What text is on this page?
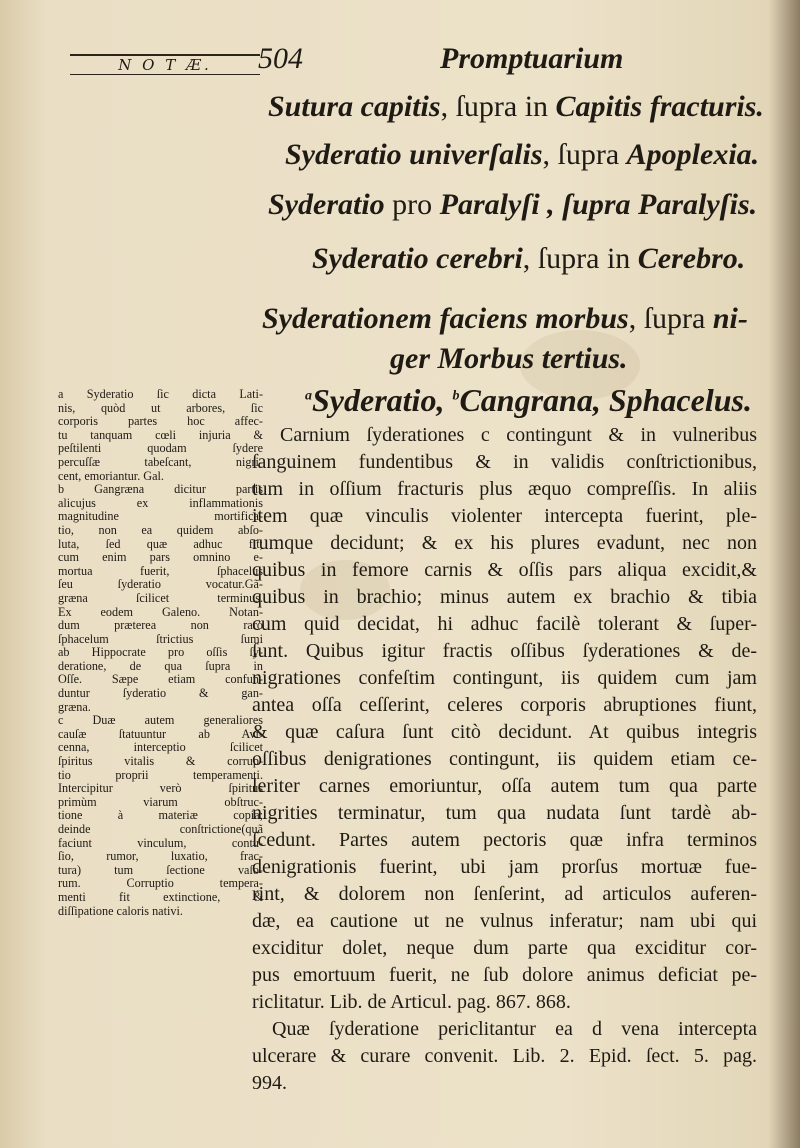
N O T Æ.	504	Promptuarium
Sutura capitis, ſupra in Capitis fracturis.
Syderatio univerſalis, ſupra Apoplexia.
Syderatio pro Paralyſi , ſupra Paralyſis.
Syderatio cerebri, ſupra in Cerebro.
Syderationem faciens morbus, ſupra ni-
ger Morbus tertius.
$^a$Syderatio, $^b$Cangrana, Sphacelus.
Carnium ſyderationes c contingunt & in vulneribus
ſanguinem fundentibus & in validis conſtrictionibus,
tum in oſſium fracturis plus æquo compreſſis. In aliis
item quæ vinculis violenter intercepta fuerint, ple-
rumque decidunt; & ex his plures evadunt, nec non
quibus in femore carnis & oſſis pars aliqua excidit,&
quibus in brachio; minus autem ex brachio & tibia
cum quid decidat, hi adhuc facilè tolerant & ſuper-
ſunt. Quibus igitur fractis oſſibus ſyderationes & de-
nigrationes confeſtim contingunt, iis quidem cum jam
antea oſſa ceſſerint, celeres corporis abruptiones fiunt,
& quæ caſura ſunt citò decidunt. At quibus integris
oſſibus denigrationes contingunt, iis quidem etiam ce-
leriter carnes emoriuntur, oſſa autem tum qua parte
nigrities terminatur, tum qua nudata ſunt tardè ab-
ſcedunt. Partes autem pectoris quæ infra terminos
denigrationis fuerint, ubi jam prorſus mortuæ fue-
rint, & dolorem non ſenſerint, ad articulos auferen-
dæ, ea cautione ut ne vulnus inferatur; nam ubi qui
exciditur dolet, neque dum parte qua exciditur cor-
pus emortuum fuerit, ne ſub dolore animus deficiat pe-
riclitatur. Lib. de Articul. pag. 867. 868.
Quæ ſyderatione periclitantur ea d vena intercepta
ulcerare & curare convenit. Lib. 2. Epid. ſect. 5. pag.
994.
a Syderatio ſic dicta Lati-
nis, quòd ut arbores, ſic
corporis partes hoc affec-
tu tanquam cœli injuria &
peſtilenti quodam ſydere
percuſſæ tabeſcant, nigri-
cent, emoriantur. Gal.
b Gangræna dicitur partis
alicujus ex inflammationis
magnitudine mortifica-
tio, non ea quidem abſo-
luta, ſed quæ adhuc fit;
cum enim pars omnino e-
mortua fuerit, ſphacelus
ſeu ſyderatio vocatur.Gã-
græna ſcilicet terminus.
Ex eodem Galeno. Notan-
dum præterea non rarò
ſphacelum ſtrictius ſumi
ab Hippocrate pro oſſis ſy-
deratione, de qua ſupra in
Oſſe. Sæpe etiam confun-
duntur ſyderatio & gan-
græna.
c Duæ autem generaliores
cauſæ ſtatuuntur ab Avi-
cenna, interceptio ſcilicet
ſpiritus vitalis & corrup-
tio proprii temperamenti.
Intercipitur verò ſpiritus
primùm viarum obſtruc-
tione à materiæ copia;
deinde conſtrictione(quã
faciunt vinculum, contu-
ſio, rumor, luxatio, frac-
tura) tum ſectione vaſo-
rum. Corruptio tempera-
menti fit extinctione, &
diſſipatione caloris nativi.
